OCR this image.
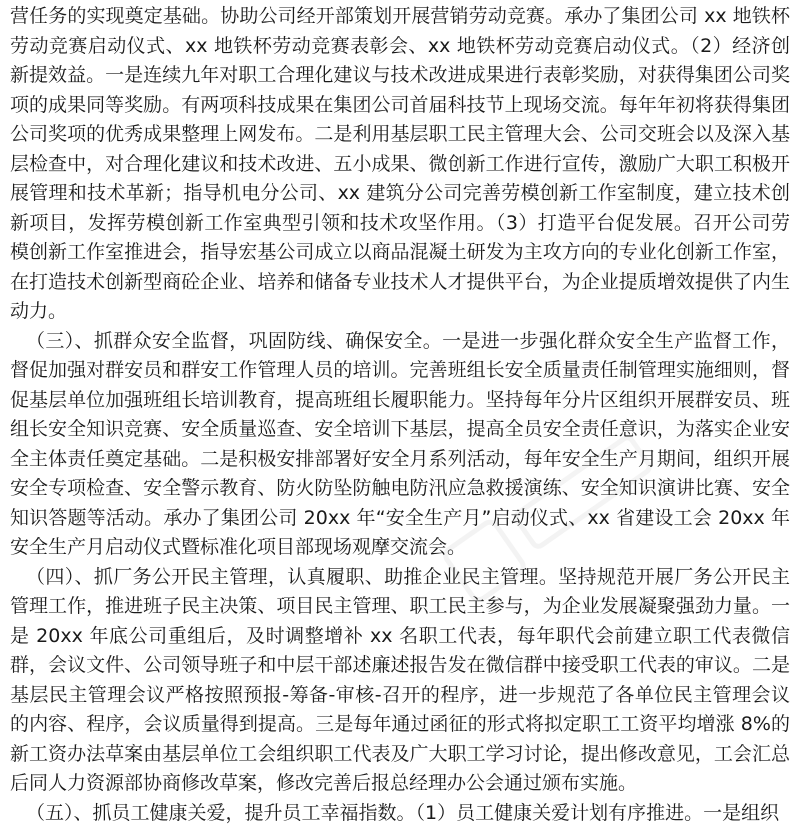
营任务的实现奠定基础。协助公司经开部策划开展营销劳动竞赛。承办了集团公司 xx 地铁杯劳动竞赛启动仪式、xx 地铁杯劳动竞赛表彰会、xx 地铁杯劳动竞赛启动仪式。（2）经济创新提效益。一是连续九年对职工合理化建议与技术改进成果进行表彰奖励，对获得集团公司奖项的成果同等奖励。有两项科技成果在集团公司首届科技节上现场交流。每年年初将获得集团公司奖项的优秀成果整理上网发布。二是利用基层职工民主管理大会、公司交班会以及深入基层检查中，对合理化建议和技术改进、五小成果、微创新工作进行宣传，激励广大职工积极开展管理和技术革新；指导机电分公司、xx 建筑分公司完善劳模创新工作室制度，建立技术创新项目，发挥劳模创新工作室典型引领和技术攻坚作用。（3）打造平台促发展。召开公司劳模创新工作室推进会，指导宏基公司成立以商品混凝土研发为主攻方向的专业化创新工作室，在打造技术创新型商砼企业、培养和储备专业技术人才提供平台，为企业提质增效提供了内生动力。

（三）、抓群众安全监督，巩固防线、确保安全。一是进一步强化群众安全生产监督工作，督促加强对群安员和群安工作管理人员的培训。完善班组长安全质量责任制管理实施细则，督促基层单位加强班组长培训教育，提高班组长履职能力。坚持每年分片区组织开展群安员、班组长安全知识竞赛、安全质量巡查、安全培训下基层，提高全员安全责任意识，为落实企业安全主体责任奠定基础。二是积极安排部署好安全月系列活动，每年安全生产月期间，组织开展安全专项检查、安全警示教育、防火防坠防触电防汛应急救援演练、安全知识演讲比赛、安全知识答题等活动。承办了集团公司 20xx 年“安全生产月”启动仪式、xx 省建设工会 20xx 年安全生产月启动仪式暨标准化项目部现场观摩交流会。

（四）、抓厂务公开民主管理，认真履职、助推企业民主管理。坚持规范开展厂务公开民主管理工作，推进班子民主决策、项目民主管理、职工民主参与，为企业发展凝聚强劲力量。一是 20xx 年底公司重组后，及时调整增补 xx 名职工代表，每年职代会前建立职工代表微信群，会议文件、公司领导班子和中层干部述廉述报告发在微信群中接受职工代表的审议。二是基层民主管理会议严格按照预报-筹备-审核-召开的程序，进一步规范了各单位民主管理会议的内容、程序，会议质量得到提高。三是每年通过函征的形式将拟定职工工资平均增涨 8%的新工资办法草案由基层单位工会组织职工代表及广大职工学习讨论，提出修改意见，工会汇总后同人力资源部协商修改草案，修改完善后报总经理办公会通过颁布实施。

（五）、抓员工健康关爱，提升员工幸福指数。（1）员工健康关爱计划有序推进。一是组织
